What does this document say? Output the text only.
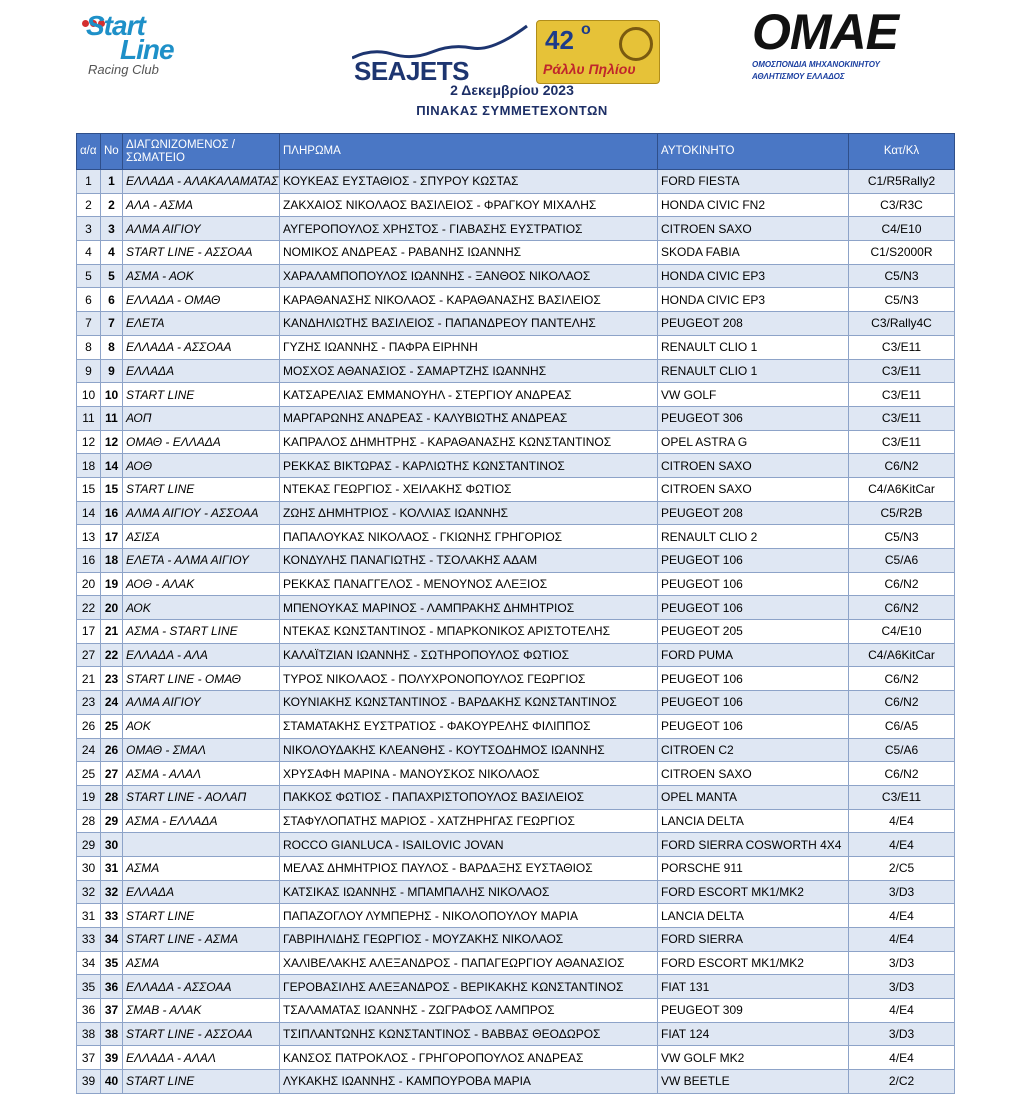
Start
Line
Racing Club	SEAJETS
42 ο
Ράλλυ Πηλίου
ΟΜΑΕ
ΟΜΟΣΠΟΝΔΙΑ ΜΗΧΑΝΟΚΙΝΗΤΟΥ
ΑΘΛΗΤΙΣΜΟΥ ΕΛΛΑΔΟΣ
2 Δεκεμβρίου 2023
ΠΙΝΑΚΑΣ ΣΥΜΜΕΤΕΧΟΝΤΩΝ
α/α	Νο	ΔΙΑΓΩΝΙΖΟΜΕΝΟΣ / ΣΩΜΑΤΕΙΟ	ΠΛΗΡΩΜΑ	ΑΥΤΟΚΙΝΗΤΟ	Κατ/Κλ
1	1	ΕΛΛΑΔΑ - ΑΛΑΚΑΛΑΜΑΤΑΣ	ΚΟΥΚΕΑΣ ΕΥΣΤΑΘΙΟΣ - ΣΠΥΡΟΥ ΚΩΣΤΑΣ	FORD FIESTA	C1/R5Rally2
2	2	ΑΛΑ - ΑΣΜΑ	ΖΑΚΧΑΙΟΣ ΝΙΚΟΛΑΟΣ ΒΑΣΙΛΕΙΟΣ - ΦΡΑΓΚΟΥ ΜΙΧΑΛΗΣ	HONDA CIVIC FN2	C3/R3C
3	3	ΑΛΜΑ ΑΙΓΙΟΥ	ΑΥΓΕΡΟΠΟΥΛΟΣ ΧΡΗΣΤΟΣ - ΓΙΑΒΑΣΗΣ ΕΥΣΤΡΑΤΙΟΣ	CITROEN SAXO	C4/E10
4	4	START LINE - ΑΣΣΟΑΑ	ΝΟΜΙΚΟΣ ΑΝΔΡΕΑΣ - ΡΑΒΑΝΗΣ ΙΩΑΝΝΗΣ	SKODA FABIA	C1/S2000R
5	5	ΑΣΜΑ - ΑΟΚ	ΧΑΡΑΛΑΜΠΟΠΟΥΛΟΣ ΙΩΑΝΝΗΣ - ΞΑΝΘΟΣ ΝΙΚΟΛΑΟΣ	HONDA CIVIC EP3	C5/N3
6	6	ΕΛΛΑΔΑ - ΟΜΑΘ	ΚΑΡΑΘΑΝΑΣΗΣ ΝΙΚΟΛΑΟΣ - ΚΑΡΑΘΑΝΑΣΗΣ ΒΑΣΙΛΕΙΟΣ	HONDA CIVIC EP3	C5/N3
7	7	ΕΛΕΤΑ	ΚΑΝΔΗΛΙΩΤΗΣ ΒΑΣΙΛΕΙΟΣ - ΠΑΠΑΝΔΡΕΟΥ ΠΑΝΤΕΛΗΣ	PEUGEOT 208	C3/Rally4C
8	8	ΕΛΛΑΔΑ - ΑΣΣΟΑΑ	ΓΥΖΗΣ ΙΩΑΝΝΗΣ - ΠΑΦΡΑ ΕΙΡΗΝΗ	RENAULT CLIO 1	C3/E11
9	9	ΕΛΛΑΔΑ	ΜΟΣΧΟΣ ΑΘΑΝΑΣΙΟΣ - ΣΑΜΑΡΤΖΗΣ ΙΩΑΝΝΗΣ	RENAULT CLIO 1	C3/E11
10	10	START LINE	ΚΑΤΣΑΡΕΛΙΑΣ ΕΜΜΑΝΟΥΗΛ - ΣΤΕΡΓΙΟΥ ΑΝΔΡΕΑΣ	VW GOLF	C3/E11
11	11	ΑΟΠ	ΜΑΡΓΑΡΩΝΗΣ ΑΝΔΡΕΑΣ - ΚΑΛΥΒΙΩΤΗΣ ΑΝΔΡΕΑΣ	PEUGEOT 306	C3/E11
12	12	ΟΜΑΘ - ΕΛΛΑΔΑ	ΚΑΠΡΑΛΟΣ ΔΗΜΗΤΡΗΣ - ΚΑΡΑΘΑΝΑΣΗΣ ΚΩΝΣΤΑΝΤΙΝΟΣ	OPEL ASTRA G	C3/E11
18	14	ΑΟΘ	ΡΕΚΚΑΣ ΒΙΚΤΩΡΑΣ - ΚΑΡΛΙΩΤΗΣ ΚΩΝΣΤΑΝΤΙΝΟΣ	CITROEN SAXO	C6/N2
15	15	START LINE	ΝΤΕΚΑΣ ΓΕΩΡΓΙΟΣ - ΧΕΙΛΑΚΗΣ ΦΩΤΙΟΣ	CITROEN SAXO	C4/A6KitCar
14	16	ΑΛΜΑ ΑΙΓΙΟΥ - ΑΣΣΟΑΑ	ΖΩΗΣ ΔΗΜΗΤΡΙΟΣ - ΚΟΛΛΙΑΣ ΙΩΑΝΝΗΣ	PEUGEOT 208	C5/R2B
13	17	ΑΣΙΣΑ	ΠΑΠΑΛΟΥΚΑΣ ΝΙΚΟΛΑΟΣ - ΓΚΙΩΝΗΣ ΓΡΗΓΟΡΙΟΣ	RENAULT CLIO 2	C5/N3
16	18	ΕΛΕΤΑ - ΑΛΜΑ ΑΙΓΙΟΥ	ΚΟΝΔΥΛΗΣ ΠΑΝΑΓΙΩΤΗΣ - ΤΣΟΛΑΚΗΣ ΑΔΑΜ	PEUGEOT 106	C5/A6
20	19	ΑΟΘ - ΑΛΑΚ	ΡΕΚΚΑΣ ΠΑΝΑΓΓΕΛΟΣ - ΜΕΝΟΥΝΟΣ ΑΛΕΞΙΟΣ	PEUGEOT 106	C6/N2
22	20	ΑΟΚ	ΜΠΕΝΟΥΚΑΣ ΜΑΡΙΝΟΣ - ΛΑΜΠΡΑΚΗΣ ΔΗΜΗΤΡΙΟΣ	PEUGEOT 106	C6/N2
17	21	ΑΣΜΑ - START LINE	ΝΤΕΚΑΣ ΚΩΝΣΤΑΝΤΙΝΟΣ - ΜΠΑΡΚΟΝΙΚΟΣ ΑΡΙΣΤΟΤΕΛΗΣ	PEUGEOT 205	C4/E10
27	22	ΕΛΛΑΔΑ - ΑΛΑ	ΚΑΛΑΪΤΖΙΑΝ ΙΩΑΝΝΗΣ - ΣΩΤΗΡΟΠΟΥΛΟΣ ΦΩΤΙΟΣ	FORD PUMA	C4/A6KitCar
21	23	START LINE - ΟΜΑΘ	ΤΥΡΟΣ ΝΙΚΟΛΑΟΣ - ΠΟΛΥΧΡΟΝΟΠΟΥΛΟΣ ΓΕΩΡΓΙΟΣ	PEUGEOT 106	C6/N2
23	24	ΑΛΜΑ ΑΙΓΙΟΥ	ΚΟΥΝΙΑΚΗΣ ΚΩΝΣΤΑΝΤΙΝΟΣ - ΒΑΡΔΑΚΗΣ ΚΩΝΣΤΑΝΤΙΝΟΣ	PEUGEOT 106	C6/N2
26	25	ΑΟΚ	ΣΤΑΜΑΤΑΚΗΣ ΕΥΣΤΡΑΤΙΟΣ - ΦΑΚΟΥΡΕΛΗΣ ΦΙΛΙΠΠΟΣ	PEUGEOT 106	C6/A5
24	26	ΟΜΑΘ - ΣΜΑΛ	ΝΙΚΟΛΟΥΔΑΚΗΣ ΚΛΕΑΝΘΗΣ - ΚΟΥΤΣΟΔΗΜΟΣ ΙΩΑΝΝΗΣ	CITROEN C2	C5/A6
25	27	ΑΣΜΑ - ΑΛΑΛ	ΧΡΥΣΑΦΗ ΜΑΡΙΝΑ - ΜΑΝΟΥΣΚΟΣ ΝΙΚΟΛΑΟΣ	CITROEN SAXO	C6/N2
19	28	START LINE - ΑΟΛΑΠ	ΠΑΚΚΟΣ ΦΩΤΙΟΣ - ΠΑΠΑΧΡΙΣΤΟΠΟΥΛΟΣ ΒΑΣΙΛΕΙΟΣ	OPEL MANTA	C3/E11
28	29	ΑΣΜΑ - ΕΛΛΑΔΑ	ΣΤΑΦΥΛΟΠΑΤΗΣ ΜΑΡΙΟΣ - ΧΑΤΖΗΡΗΓΑΣ ΓΕΩΡΓΙΟΣ	LANCIA DELTA	4/E4
29	30		ROCCO GIANLUCA - ISAILOVIC JOVAN	FORD SIERRA COSWORTH 4X4	4/E4
30	31	ΑΣΜΑ	ΜΕΛΑΣ ΔΗΜΗΤΡΙΟΣ ΠΑΥΛΟΣ - ΒΑΡΔΑΞΗΣ ΕΥΣΤΑΘΙΟΣ	PORSCHE 911	2/C5
32	32	ΕΛΛΑΔΑ	ΚΑΤΣΙΚΑΣ ΙΩΑΝΝΗΣ - ΜΠΑΜΠΑΛΗΣ ΝΙΚΟΛΑΟΣ	FORD ESCORT MK1/MK2	3/D3
31	33	START LINE	ΠΑΠΑΖΟΓΛΟΥ ΛΥΜΠΕΡΗΣ - ΝΙΚΟΛΟΠΟΥΛΟΥ ΜΑΡΙΑ	LANCIA DELTA	4/E4
33	34	START LINE - ΑΣΜΑ	ΓΑΒΡΙΗΛΙΔΗΣ ΓΕΩΡΓΙΟΣ - ΜΟΥΖΑΚΗΣ ΝΙΚΟΛΑΟΣ	FORD SIERRA	4/E4
34	35	ΑΣΜΑ	ΧΑΛΙΒΕΛΑΚΗΣ ΑΛΕΞΑΝΔΡΟΣ - ΠΑΠΑΓΕΩΡΓΙΟΥ ΑΘΑΝΑΣΙΟΣ	FORD ESCORT MK1/MK2	3/D3
35	36	ΕΛΛΑΔΑ - ΑΣΣΟΑΑ	ΓΕΡΟΒΑΣΙΛΗΣ ΑΛΕΞΑΝΔΡΟΣ - ΒΕΡΙΚΑΚΗΣ ΚΩΝΣΤΑΝΤΙΝΟΣ	FIAT 131	3/D3
36	37	ΣΜΑΒ - ΑΛΑΚ	ΤΣΑΛΑΜΑΤΑΣ ΙΩΑΝΝΗΣ - ΖΩΓΡΑΦΟΣ ΛΑΜΠΡΟΣ	PEUGEOT 309	4/E4
38	38	START LINE - ΑΣΣΟΑΑ	ΤΣΙΠΛΑΝΤΩΝΗΣ ΚΩΝΣΤΑΝΤΙΝΟΣ - ΒΑΒΒΑΣ ΘΕΟΔΩΡΟΣ	FIAT 124	3/D3
37	39	ΕΛΛΑΔΑ - ΑΛΑΛ	ΚΑΝΣΟΣ ΠΑΤΡΟΚΛΟΣ - ΓΡΗΓΟΡΟΠΟΥΛΟΣ ΑΝΔΡΕΑΣ	VW GOLF MK2	4/E4
39	40	START LINE	ΛΥΚΑΚΗΣ ΙΩΑΝΝΗΣ - ΚΑΜΠΟΥΡΟΒΑ ΜΑΡΙΑ	VW BEETLE	2/C2
